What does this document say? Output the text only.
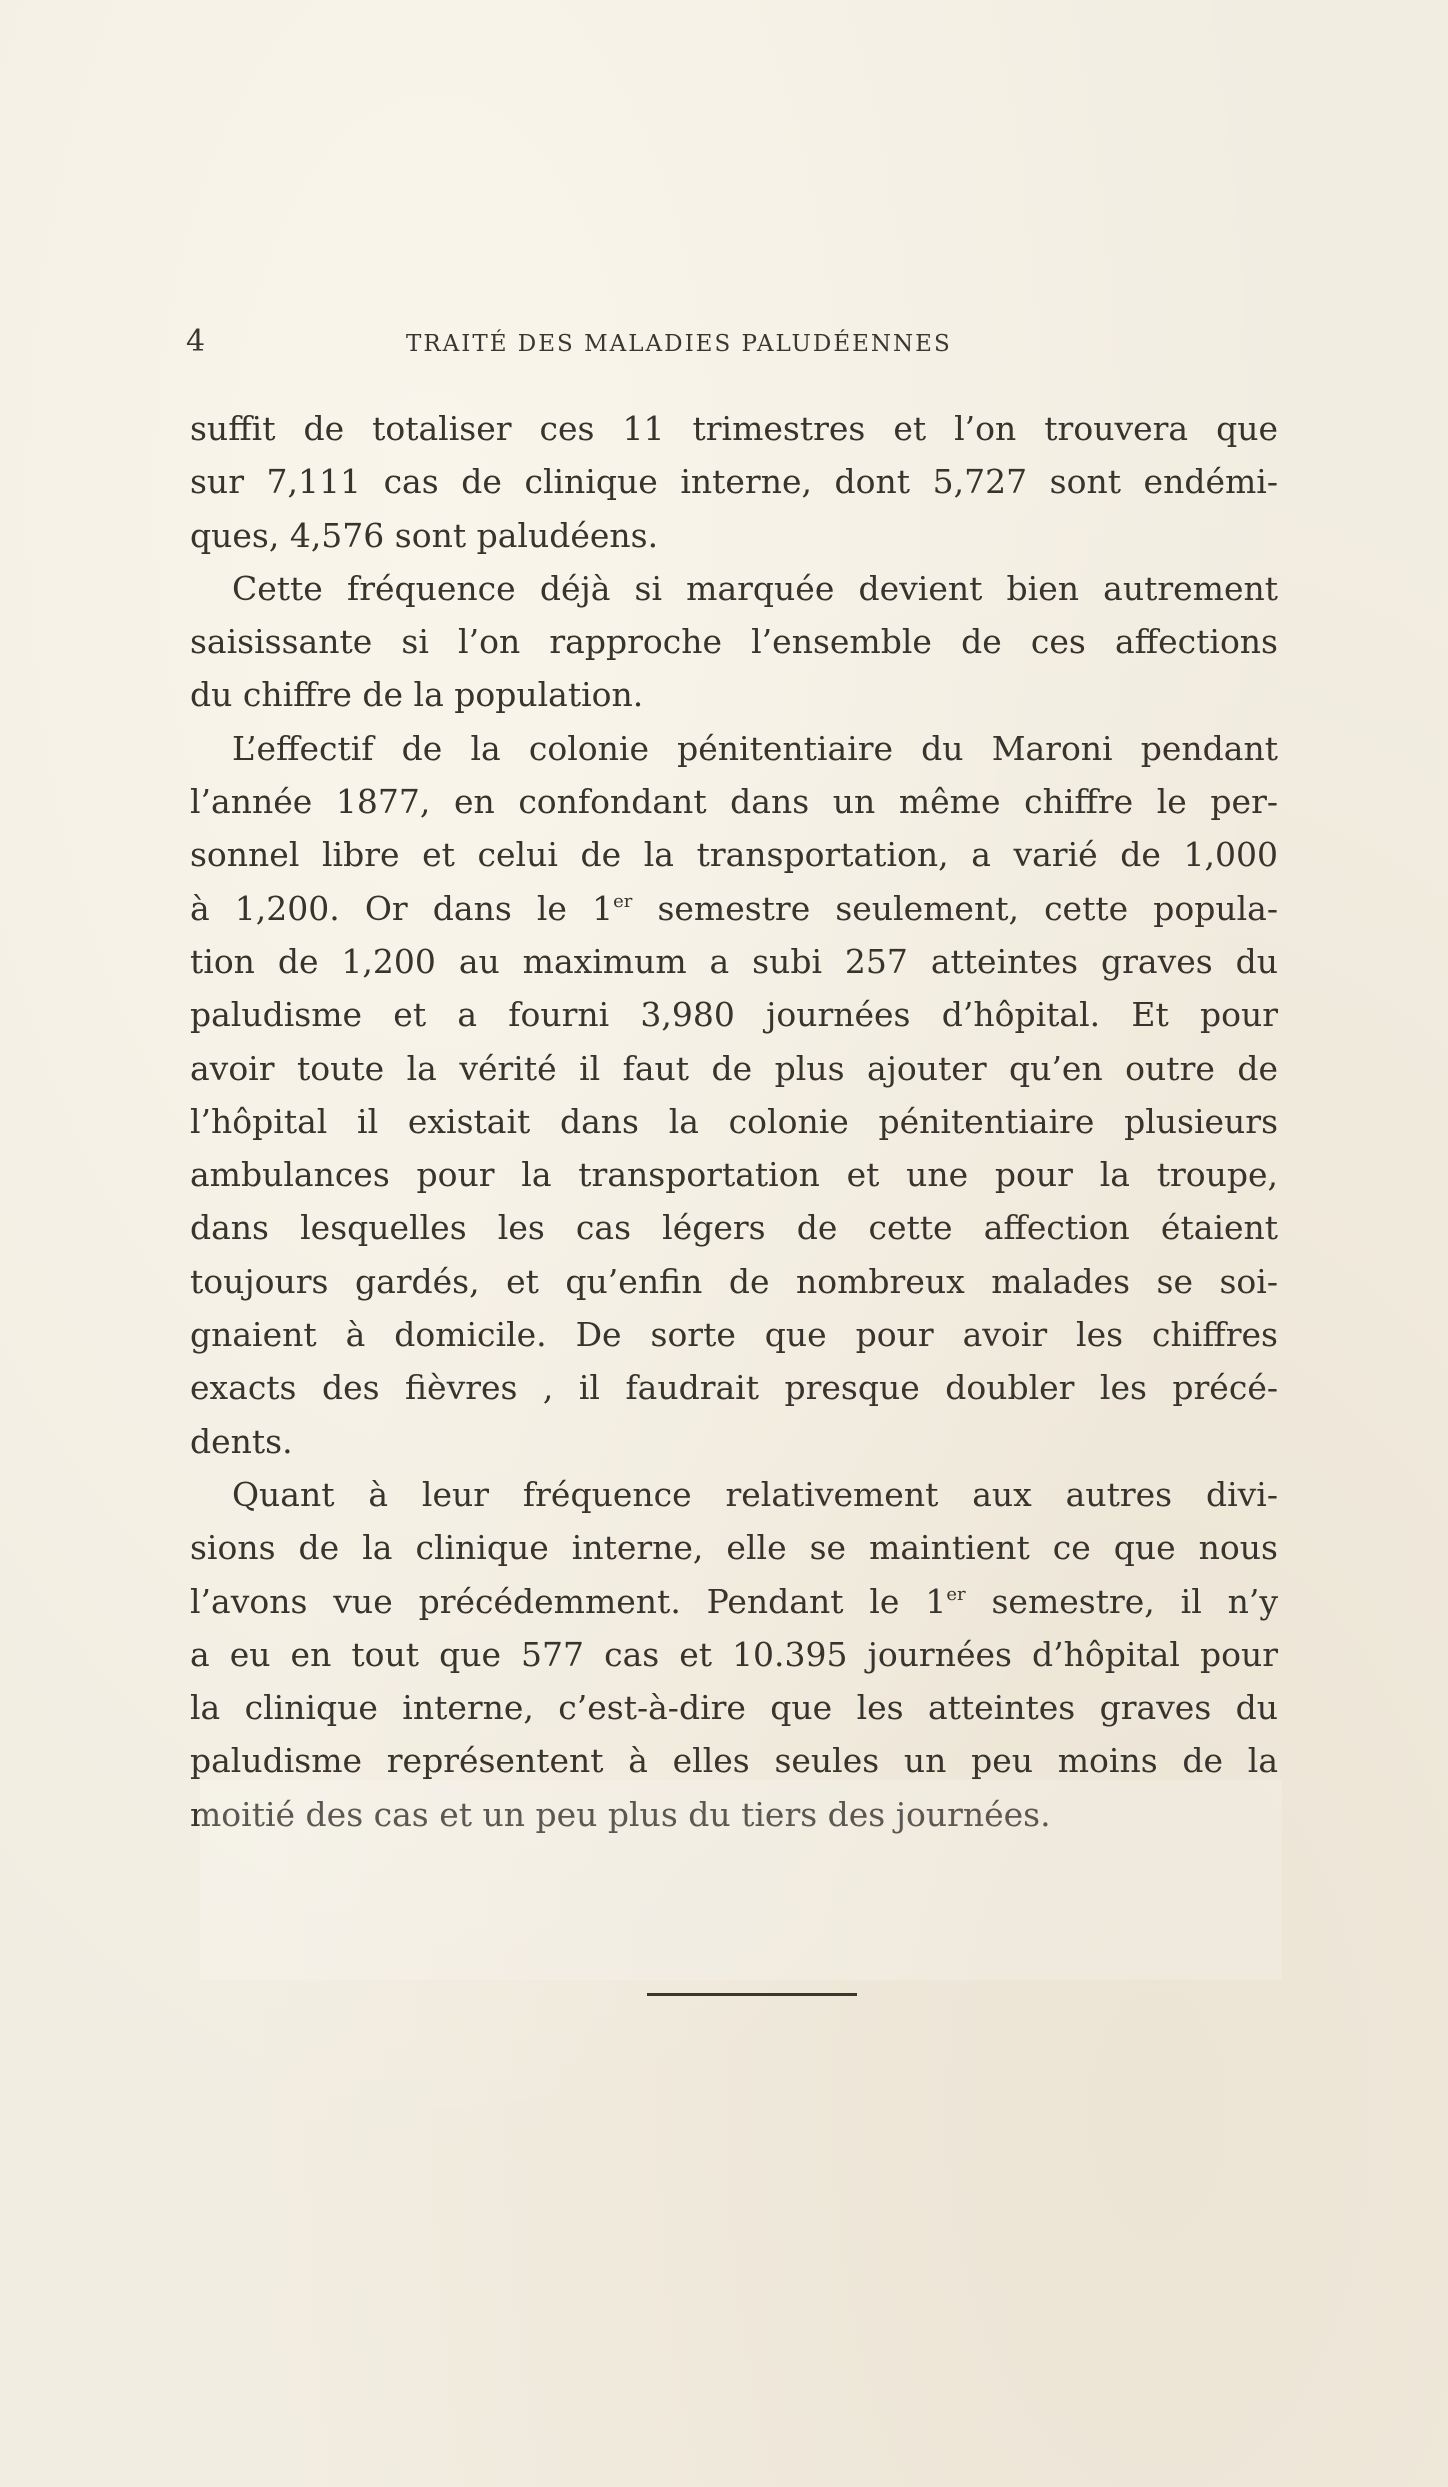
4	TRAITÉ DES MALADIES PALUDÉENNES
suffit de totaliser ces 11 trimestres et l’on trouvera que
sur 7,111 cas de clinique interne, dont 5,727 sont endémi-
ques, 4,576 sont paludéens.
Cette fréquence déjà si marquée devient bien autrement
saisissante si l’on rapproche l’ensemble de ces affections
du chiffre de la population.
L’effectif de la colonie pénitentiaire du Maroni pendant
l’année 1877, en confondant dans un même chiffre le per-
sonnel libre et celui de la transportation, a varié de 1,000
à 1,200. Or dans le 1er semestre seulement, cette popula-
tion de 1,200 au maximum a subi 257 atteintes graves du
paludisme et a fourni 3,980 journées d’hôpital. Et pour
avoir toute la vérité il faut de plus ajouter qu’en outre de
l’hôpital il existait dans la colonie pénitentiaire plusieurs
ambulances pour la transportation et une pour la troupe,
dans lesquelles les cas légers de cette affection étaient
toujours gardés, et qu’enfin de nombreux malades se soi-
gnaient à domicile. De sorte que pour avoir les chiffres
exacts des fièvres , il faudrait presque doubler les précé-
dents.
Quant à leur fréquence relativement aux autres divi-
sions de la clinique interne, elle se maintient ce que nous
l’avons vue précédemment. Pendant le 1er semestre, il n’y
a eu en tout que 577 cas et 10.395 journées d’hôpital pour
la clinique interne, c’est-à-dire que les atteintes graves du
paludisme représentent à elles seules un peu moins de la
moitié des cas et un peu plus du tiers des journées.
